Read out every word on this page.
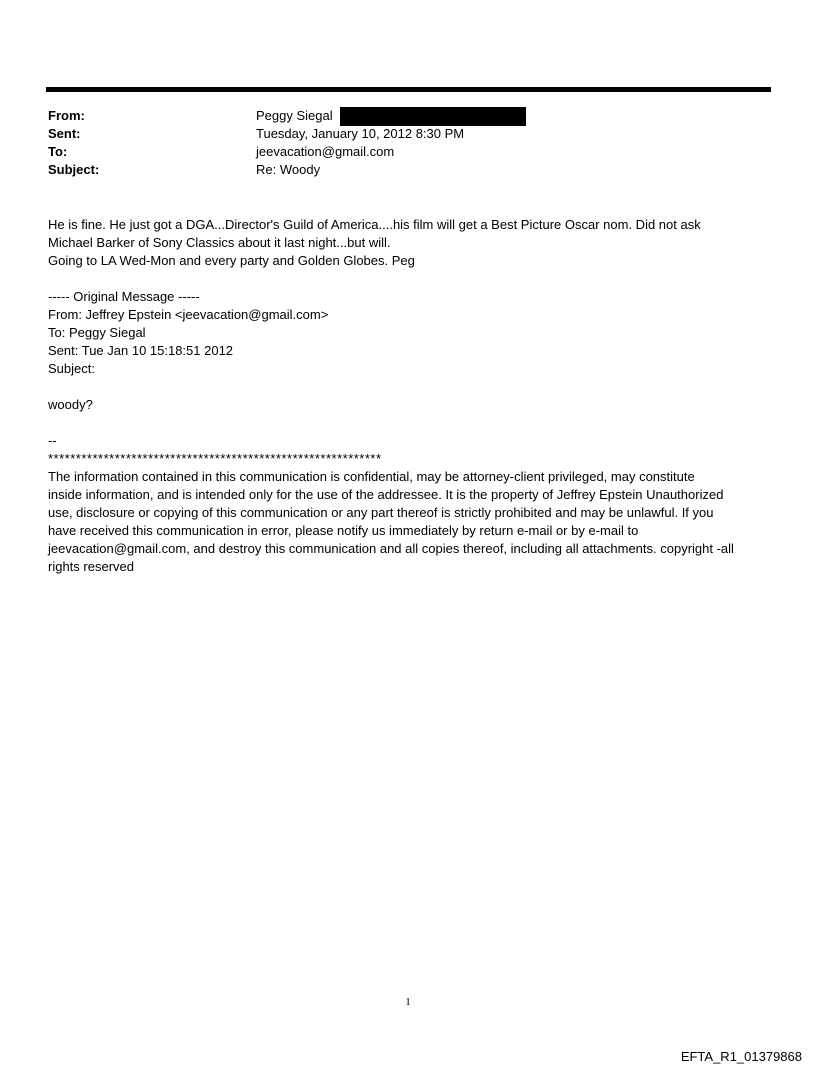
From:	Peggy Siegal
Sent:	Tuesday, January 10, 2012 8:30 PM
To:	jeevacation@gmail.com
Subject:	Re: Woody

He is fine. He just got a DGA...Director's Guild of America....his film will get a Best Picture Oscar nom. Did not ask

Michael Barker of Sony Classics about it last night...but will.

Going to LA Wed-Mon and every party and Golden Globes. Peg

----- Original Message -----

From: Jeffrey Epstein <jeevacation@gmail.com>

To: Peggy Siegal

Sent: Tue Jan 10 15:18:51 2012

Subject:

woody?

--

************************************************************

The information contained in this communication is confidential, may be attorney-client privileged, may constitute

inside information, and is intended only for the use of the addressee. It is the property of Jeffrey Epstein Unauthorized

use, disclosure or copying of this communication or any part thereof is strictly prohibited and may be unlawful. If you

have received this communication in error, please notify us immediately by return e-mail or by e-mail to

jeevacation@gmail.com, and destroy this communication and all copies thereof, including all attachments. copyright -all

rights reserved

1
EFTA_R1_01379868
